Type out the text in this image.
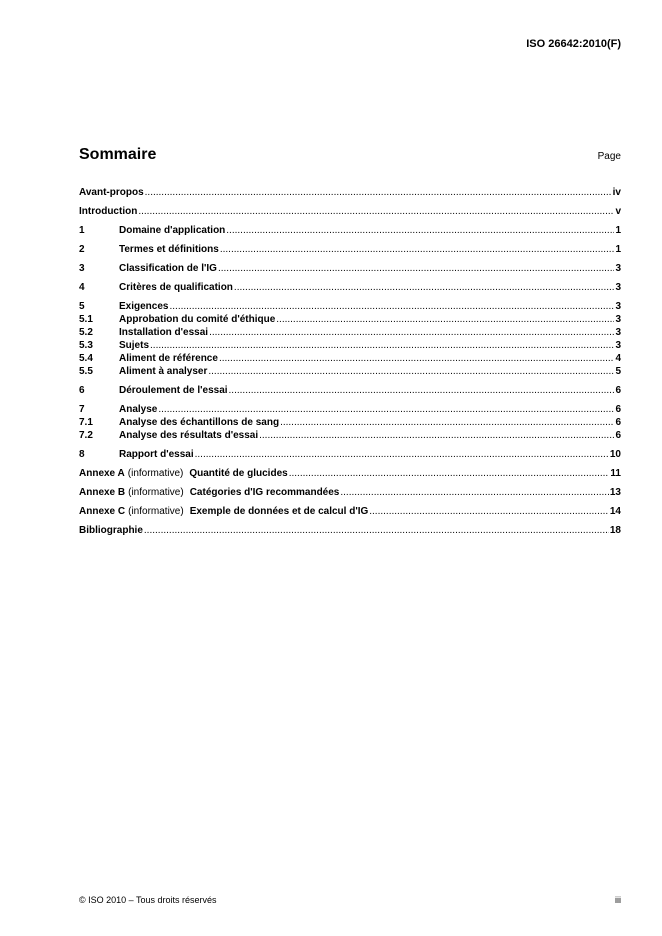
ISO 26642:2010(F)
Sommaire	Page
Avant-propos .....	iv
Introduction .....	v
1	Domaine d'application .....	1
2	Termes et définitions .....	1
3	Classification de l'IG .....	3
4	Critères de qualification .....	3
5	Exigences .....	3
5.1	Approbation du comité d'éthique .....	3
5.2	Installation d'essai .....	3
5.3	Sujets .....	3
5.4	Aliment de référence .....	4
5.5	Aliment à analyser .....	5
6	Déroulement de l'essai .....	6
7	Analyse .....	6
7.1	Analyse des échantillons de sang .....	6
7.2	Analyse des résultats d'essai .....	6
8	Rapport d'essai .....	10
Annexe A (informative) Quantité de glucides .....	11
Annexe B (informative) Catégories d'IG recommandées .....	13
Annexe C (informative) Exemple de données et de calcul d'IG .....	14
Bibliographie .....	18
© ISO 2010 – Tous droits réservés	iii
